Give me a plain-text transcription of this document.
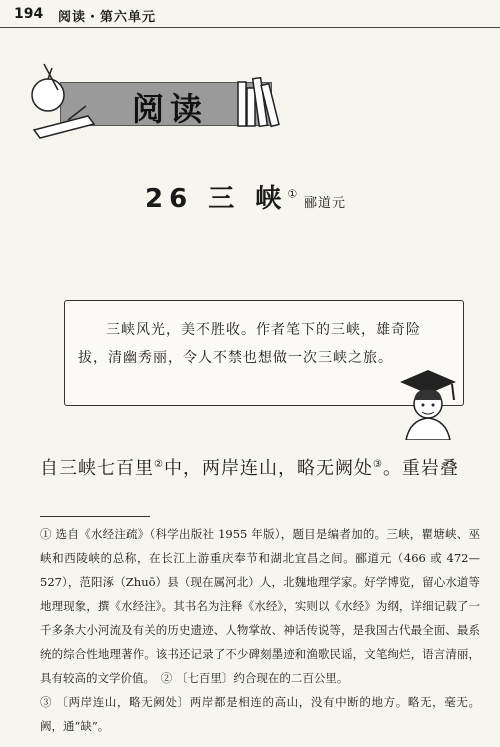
194 阅读・第六单元
阅读
26 三 峡①
郦道元
三峡风光，美不胜收。作者笔下的三峡，雄奇险拔，清幽秀丽，令人不禁也想做一次三峡之旅。
自三峡七百里②中，两岸连山，略无阙处③。重岩叠

① 选自《水经注疏》（科学出版社 1955 年版），题目是编者加的。三峡，瞿塘峡、巫峡和西陵峡的总称，在长江上游重庆奉节和湖北宜昌之间。郦道元（466 或 472—527），范阳涿（Zhuō）县（现在属河北）人，北魏地理学家。好学博览，留心水道等地理现象，撰《水经注》。其书名为注释《水经》，实则以《水经》为纲，详细记载了一千多条大小河流及有关的历史遗迹、人物掌故、神话传说等，是我国古代最全面、最系统的综合性地理著作。该书还记录了不少碑刻墨迹和渔歌民谣，文笔绚烂，语言清丽，具有较高的文学价值。　② 〔七百里〕约合现在的二百公里。

③ 〔两岸连山，略无阙处〕两岸都是相连的高山，没有中断的地方。略无，毫无。阙，通“缺”。
